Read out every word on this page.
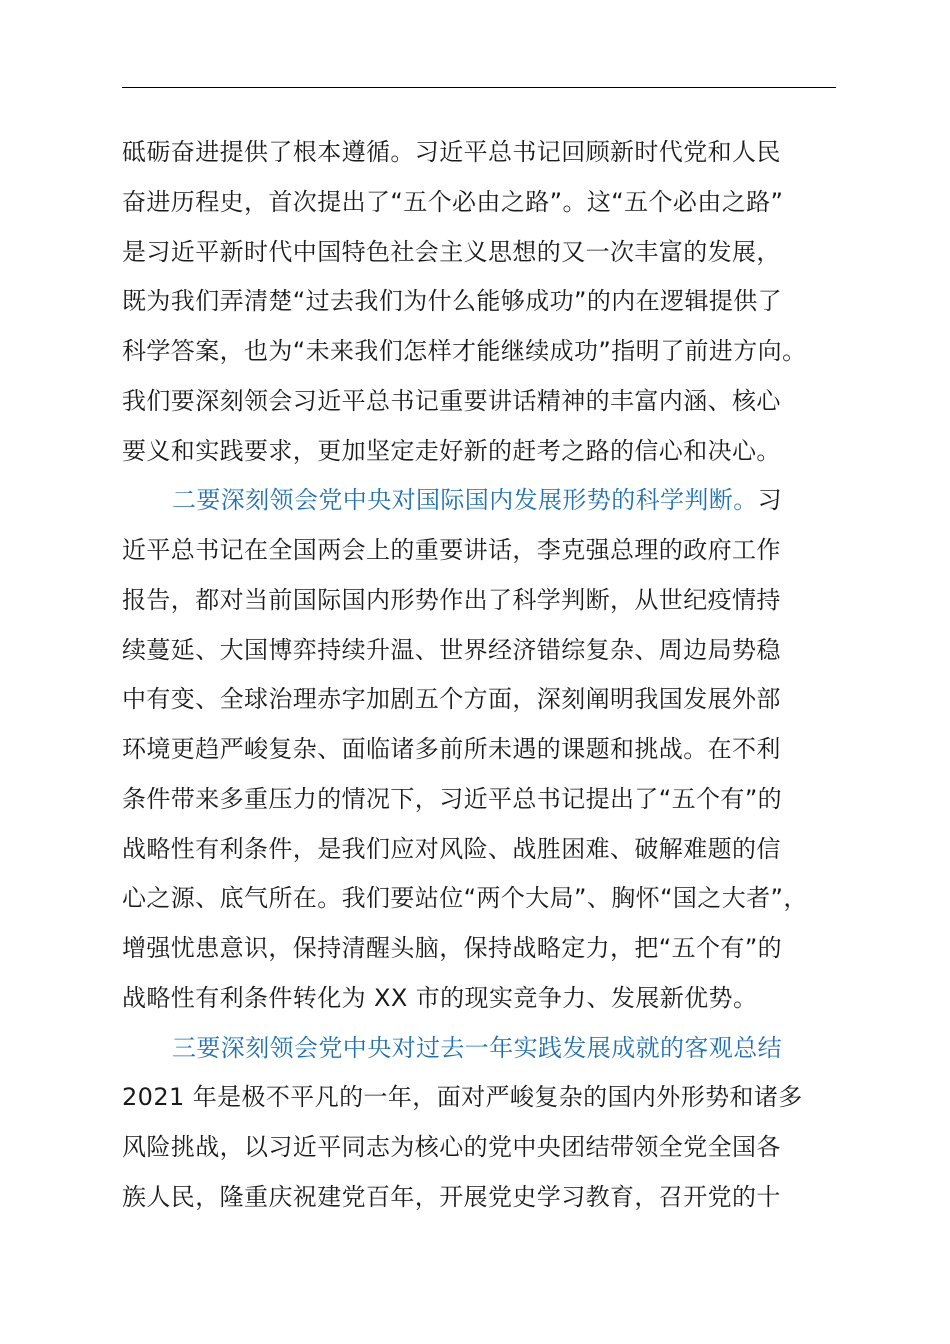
砥砺奋进提供了根本遵循。习近平总书记回顾新时代党和人民
奋进历程史，首次提出了“五个必由之路”。这“五个必由之路”
是习近平新时代中国特色社会主义思想的又一次丰富的发展，
既为我们弄清楚“过去我们为什么能够成功”的内在逻辑提供了
科学答案，也为“未来我们怎样才能继续成功”指明了前进方向。
我们要深刻领会习近平总书记重要讲话精神的丰富内涵、核心
要义和实践要求，更加坚定走好新的赶考之路的信心和决心。
二要深刻领会党中央对国际国内发展形势的科学判断。习
近平总书记在全国两会上的重要讲话，李克强总理的政府工作
报告，都对当前国际国内形势作出了科学判断，从世纪疫情持
续蔓延、大国博弈持续升温、世界经济错综复杂、周边局势稳
中有变、全球治理赤字加剧五个方面，深刻阐明我国发展外部
环境更趋严峻复杂、面临诸多前所未遇的课题和挑战。在不利
条件带来多重压力的情况下，习近平总书记提出了“五个有”的
战略性有利条件，是我们应对风险、战胜困难、破解难题的信
心之源、底气所在。我们要站位“两个大局”、胸怀“国之大者”，
增强忧患意识，保持清醒头脑，保持战略定力，把“五个有”的
战略性有利条件转化为 XX 市的现实竞争力、发展新优势。
三要深刻领会党中央对过去一年实践发展成就的客观总结
2021 年是极不平凡的一年，面对严峻复杂的国内外形势和诸多
风险挑战，以习近平同志为核心的党中央团结带领全党全国各
族人民，隆重庆祝建党百年，开展党史学习教育，召开党的十
